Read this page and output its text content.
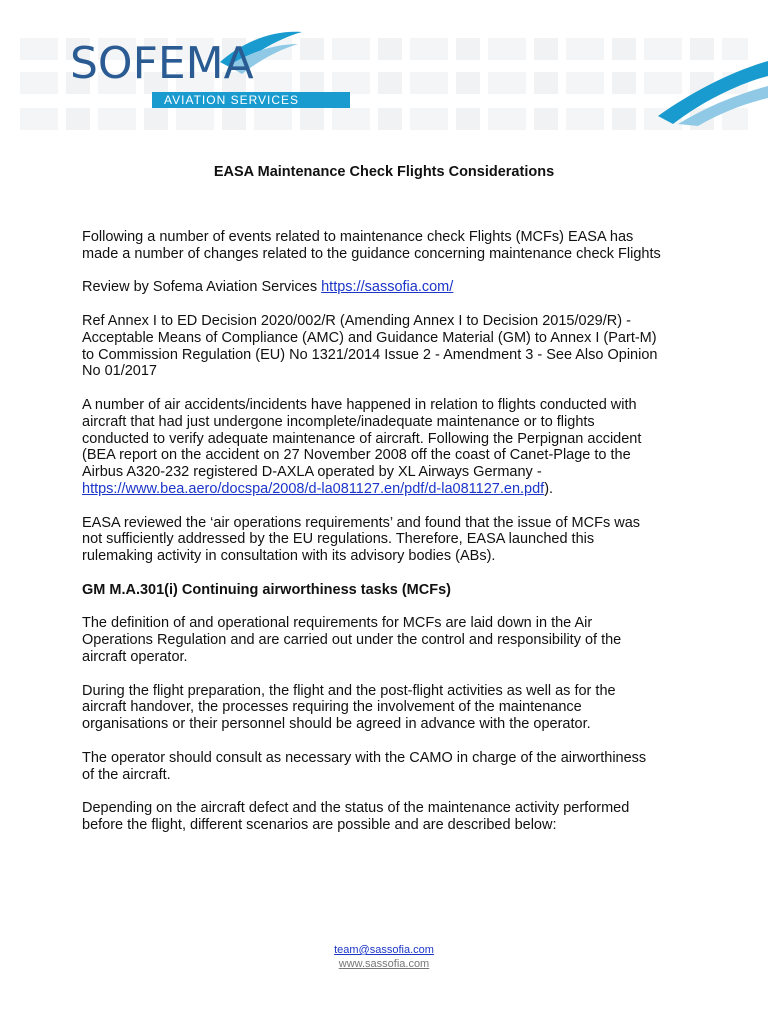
SOFEMA
AVIATION SERVICES
EASA Maintenance Check Flights Considerations

Following a number of events related to maintenance check Flights (MCFs) EASA has made a number of changes related to the guidance concerning maintenance check Flights

Review by Sofema Aviation Services https://sassofia.com/

Ref Annex I to ED Decision 2020/002/R (Amending Annex I to Decision 2015/029/R) - Acceptable Means of Compliance (AMC) and Guidance Material (GM) to Annex I (Part-M) to Commission Regulation (EU) No 1321/2014 Issue 2 - Amendment 3 - See Also Opinion No 01/2017

A number of air accidents/incidents have happened in relation to flights conducted with aircraft that had just undergone incomplete/inadequate maintenance or to flights conducted to verify adequate maintenance of aircraft. Following the Perpignan accident (BEA report on the accident on 27 November 2008 off the coast of Canet-Plage to the Airbus A320-232 registered D-AXLA operated by XL Airways Germany - https://www.bea.aero/docspa/2008/d-la081127.en/pdf/d-la081127.en.pdf).

EASA reviewed the ‘air operations requirements’ and found that the issue of MCFs was not sufficiently addressed by the EU regulations. Therefore, EASA launched this rulemaking activity in consultation with its advisory bodies (ABs).

GM M.A.301(i) Continuing airworthiness tasks (MCFs)

The definition of and operational requirements for MCFs are laid down in the Air Operations Regulation and are carried out under the control and responsibility of the aircraft operator.

During the flight preparation, the flight and the post-flight activities as well as for the aircraft handover, the processes requiring the involvement of the maintenance organisations or their personnel should be agreed in advance with the operator.

The operator should consult as necessary with the CAMO in charge of the airworthiness of the aircraft.

Depending on the aircraft defect and the status of the maintenance activity performed before the flight, different scenarios are possible and are described below:

team@sassofia.com
www.sassofia.com
